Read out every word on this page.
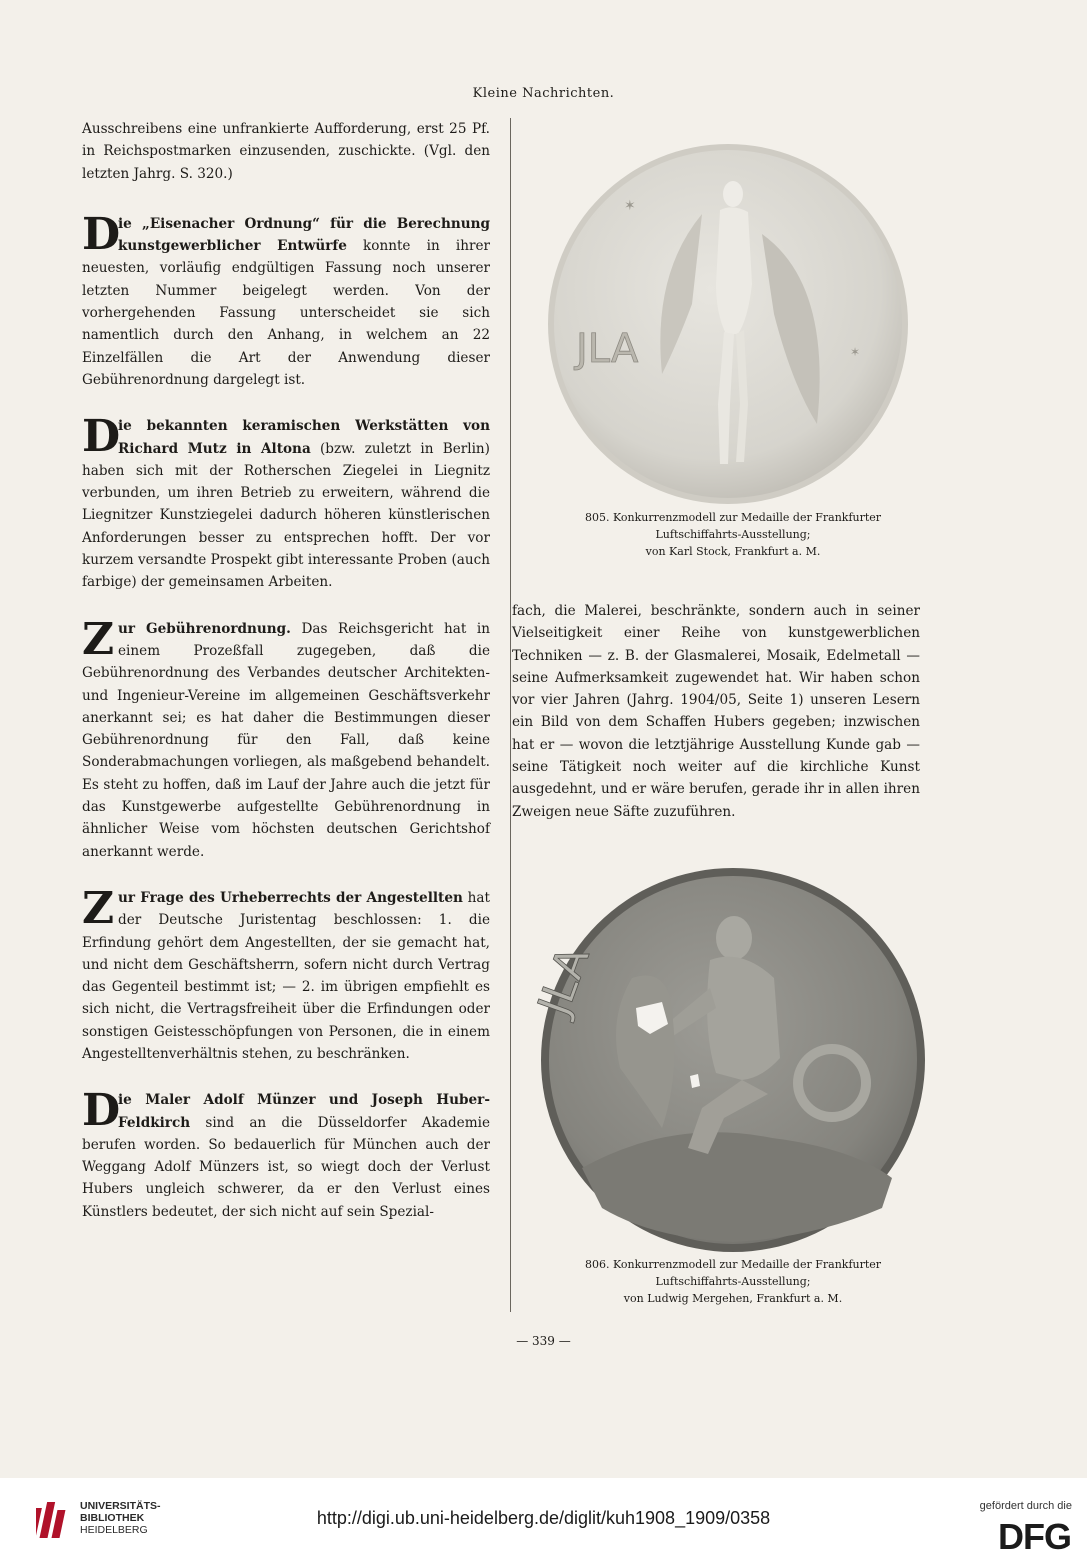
Kleine Nachrichten.

Ausschreibens eine unfrankierte Aufforderung, erst 25 Pf. in Reichspostmarken einzusenden, zuschickte. (Vgl. den letzten Jahrg. S. 320.)

D
ie „Eisenacher Ordnung“ für die Berechnung kunstgewerblicher Entwürfe konnte in ihrer neuesten, vorläufig endgültigen Fassung noch unserer letzten Nummer beigelegt werden. Von der vorhergehenden Fassung unterscheidet sie sich namentlich durch den Anhang, in welchem an 22 Einzelfällen die Art der Anwendung dieser Gebührenordnung dargelegt ist.

D
ie bekannten keramischen Werkstätten von Richard Mutz in Altona (bzw. zuletzt in Berlin) haben sich mit der Rotherschen Ziegelei in Liegnitz verbunden, um ihren Betrieb zu erweitern, während die Liegnitzer Kunstziegelei dadurch höheren künstlerischen Anforderungen besser zu entsprechen hofft. Der vor kurzem versandte Prospekt gibt interessante Proben (auch farbige) der gemeinsamen Arbeiten.

Zur Gebührenordnung. Das Reichsgericht hat in einem Prozeßfall zugegeben, daß die Gebührenordnung des Verbandes deutscher Architekten- und Ingenieur-Vereine im allgemeinen Geschäftsverkehr anerkannt sei; es hat daher die Bestimmungen dieser Gebührenordnung für den Fall, daß keine Sonderabmachungen vorliegen, als maßgebend behandelt. Es steht zu hoffen, daß im Lauf der Jahre auch die jetzt für das Kunstgewerbe aufgestellte Gebührenordnung in ähnlicher Weise vom höchsten deutschen Gerichtshof anerkannt werde.

Zur Frage des Urheberrechts der Angestellten hat der Deutsche Juristentag beschlossen: 1. die Erfindung gehört dem Angestellten, der sie gemacht hat, und nicht dem Geschäftsherrn, sofern nicht durch Vertrag das Gegenteil bestimmt ist; — 2. im übrigen empfiehlt es sich nicht, die Vertragsfreiheit über die Erfindungen oder sonstigen Geistesschöpfungen von Personen, die in einem Angestelltenverhältnis stehen, zu beschränken.

D
ie Maler Adolf Münzer und Joseph Huber-Feldkirch sind an die Düsseldorfer Akademie berufen worden. So bedauerlich für München auch der Weggang Adolf Münzers ist, so wiegt doch der Verlust Hubers ungleich schwerer, da er den Verlust eines Künstlers bedeutet, der sich nicht auf sein Spezial-

✶
✶
JLA
805. Konkurrenzmodell zur Medaille der Frankfurter
Luftschiffahrts-Ausstellung;
von Karl Stock, Frankfurt a. M.

fach, die Malerei, beschränkte, sondern auch in seiner Vielseitigkeit einer Reihe von kunstgewerblichen Techniken — z. B. der Glasmalerei, Mosaik, Edelmetall — seine Aufmerksamkeit zugewendet hat. Wir haben schon vor vier Jahren (Jahrg. 1904/05, Seite 1) unseren Lesern ein Bild von dem Schaffen Hubers gegeben; inzwischen hat er — wovon die letztjährige Ausstellung Kunde gab — seine Tätigkeit noch weiter auf die kirchliche Kunst ausgedehnt, und er wäre berufen, gerade ihr in allen ihren Zweigen neue Säfte zuzuführen.

JLA
806. Konkurrenzmodell zur Medaille der Frankfurter
Luftschiffahrts-Ausstellung;
von Ludwig Mergehen, Frankfurt a. M.
— 339 —
UNIVERSITÄTS-
BIBLIOTHEK
HEIDELBERG
http://digi.ub.uni-heidelberg.de/diglit/kuh1908_1909/0358
gefördert durch die
DFG
